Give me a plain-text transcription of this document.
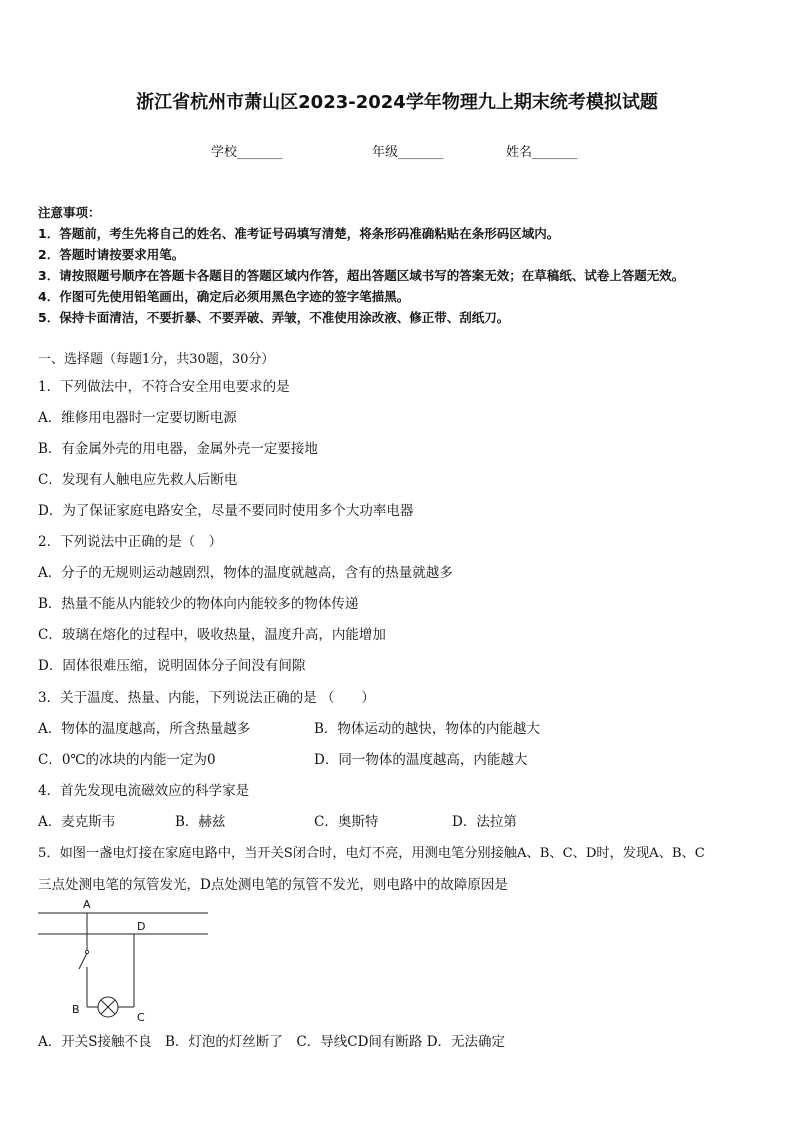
浙江省杭州市萧山区2023-2024学年物理九上期末统考模拟试题
学校_______	年级_______	姓名_______
注意事项：
1．答题前，考生先将自己的姓名、准考证号码填写清楚，将条形码准确粘贴在条形码区域内。
2．答题时请按要求用笔。
3．请按照题号顺序在答题卡各题目的答题区域内作答，超出答题区域书写的答案无效；在草稿纸、试卷上答题无效。
4．作图可先使用铅笔画出，确定后必须用黑色字迹的签字笔描黑。
5．保持卡面清洁，不要折暴、不要弄破、弄皱，不准使用涂改液、修正带、刮纸刀。
一、选择题（每题1分，共30题，30分）
1．下列做法中，不符合安全用电要求的是
A．维修用电器时一定要切断电源
B．有金属外壳的用电器，金属外壳一定要接地
C．发现有人触电应先救人后断电
D．为了保证家庭电路安全，尽量不要同时使用多个大功率电器
2．下列说法中正确的是（　）
A．分子的无规则运动越剧烈，物体的温度就越高，含有的热量就越多
B．热量不能从内能较少的物体向内能较多的物体传递
C．玻璃在熔化的过程中，吸收热量，温度升高，内能增加
D．固体很难压缩，说明固体分子间没有间隙
3．关于温度、热量、内能，下列说法正确的是 （　　）
A．物体的温度越高，所含热量越多	B．物体运动的越快，物体的内能越大
C．0℃的冰块的内能一定为0	D．同一物体的温度越高，内能越大
4．首先发现电流磁效应的科学家是
A．麦克斯韦	B．赫兹	C．奥斯特	D．法拉第
5．如图一盏电灯接在家庭电路中，当开关S闭合时，电灯不亮，用测电笔分别接触A、B、C、D时，发现A、B、C
三点处测电笔的氖管发光，D点处测电笔的氖管不发光，则电路中的故障原因是
A
D
B
C
A．开关S接触不良　B．灯泡的灯丝断了　C．导线CD间有断路 D．无法确定
